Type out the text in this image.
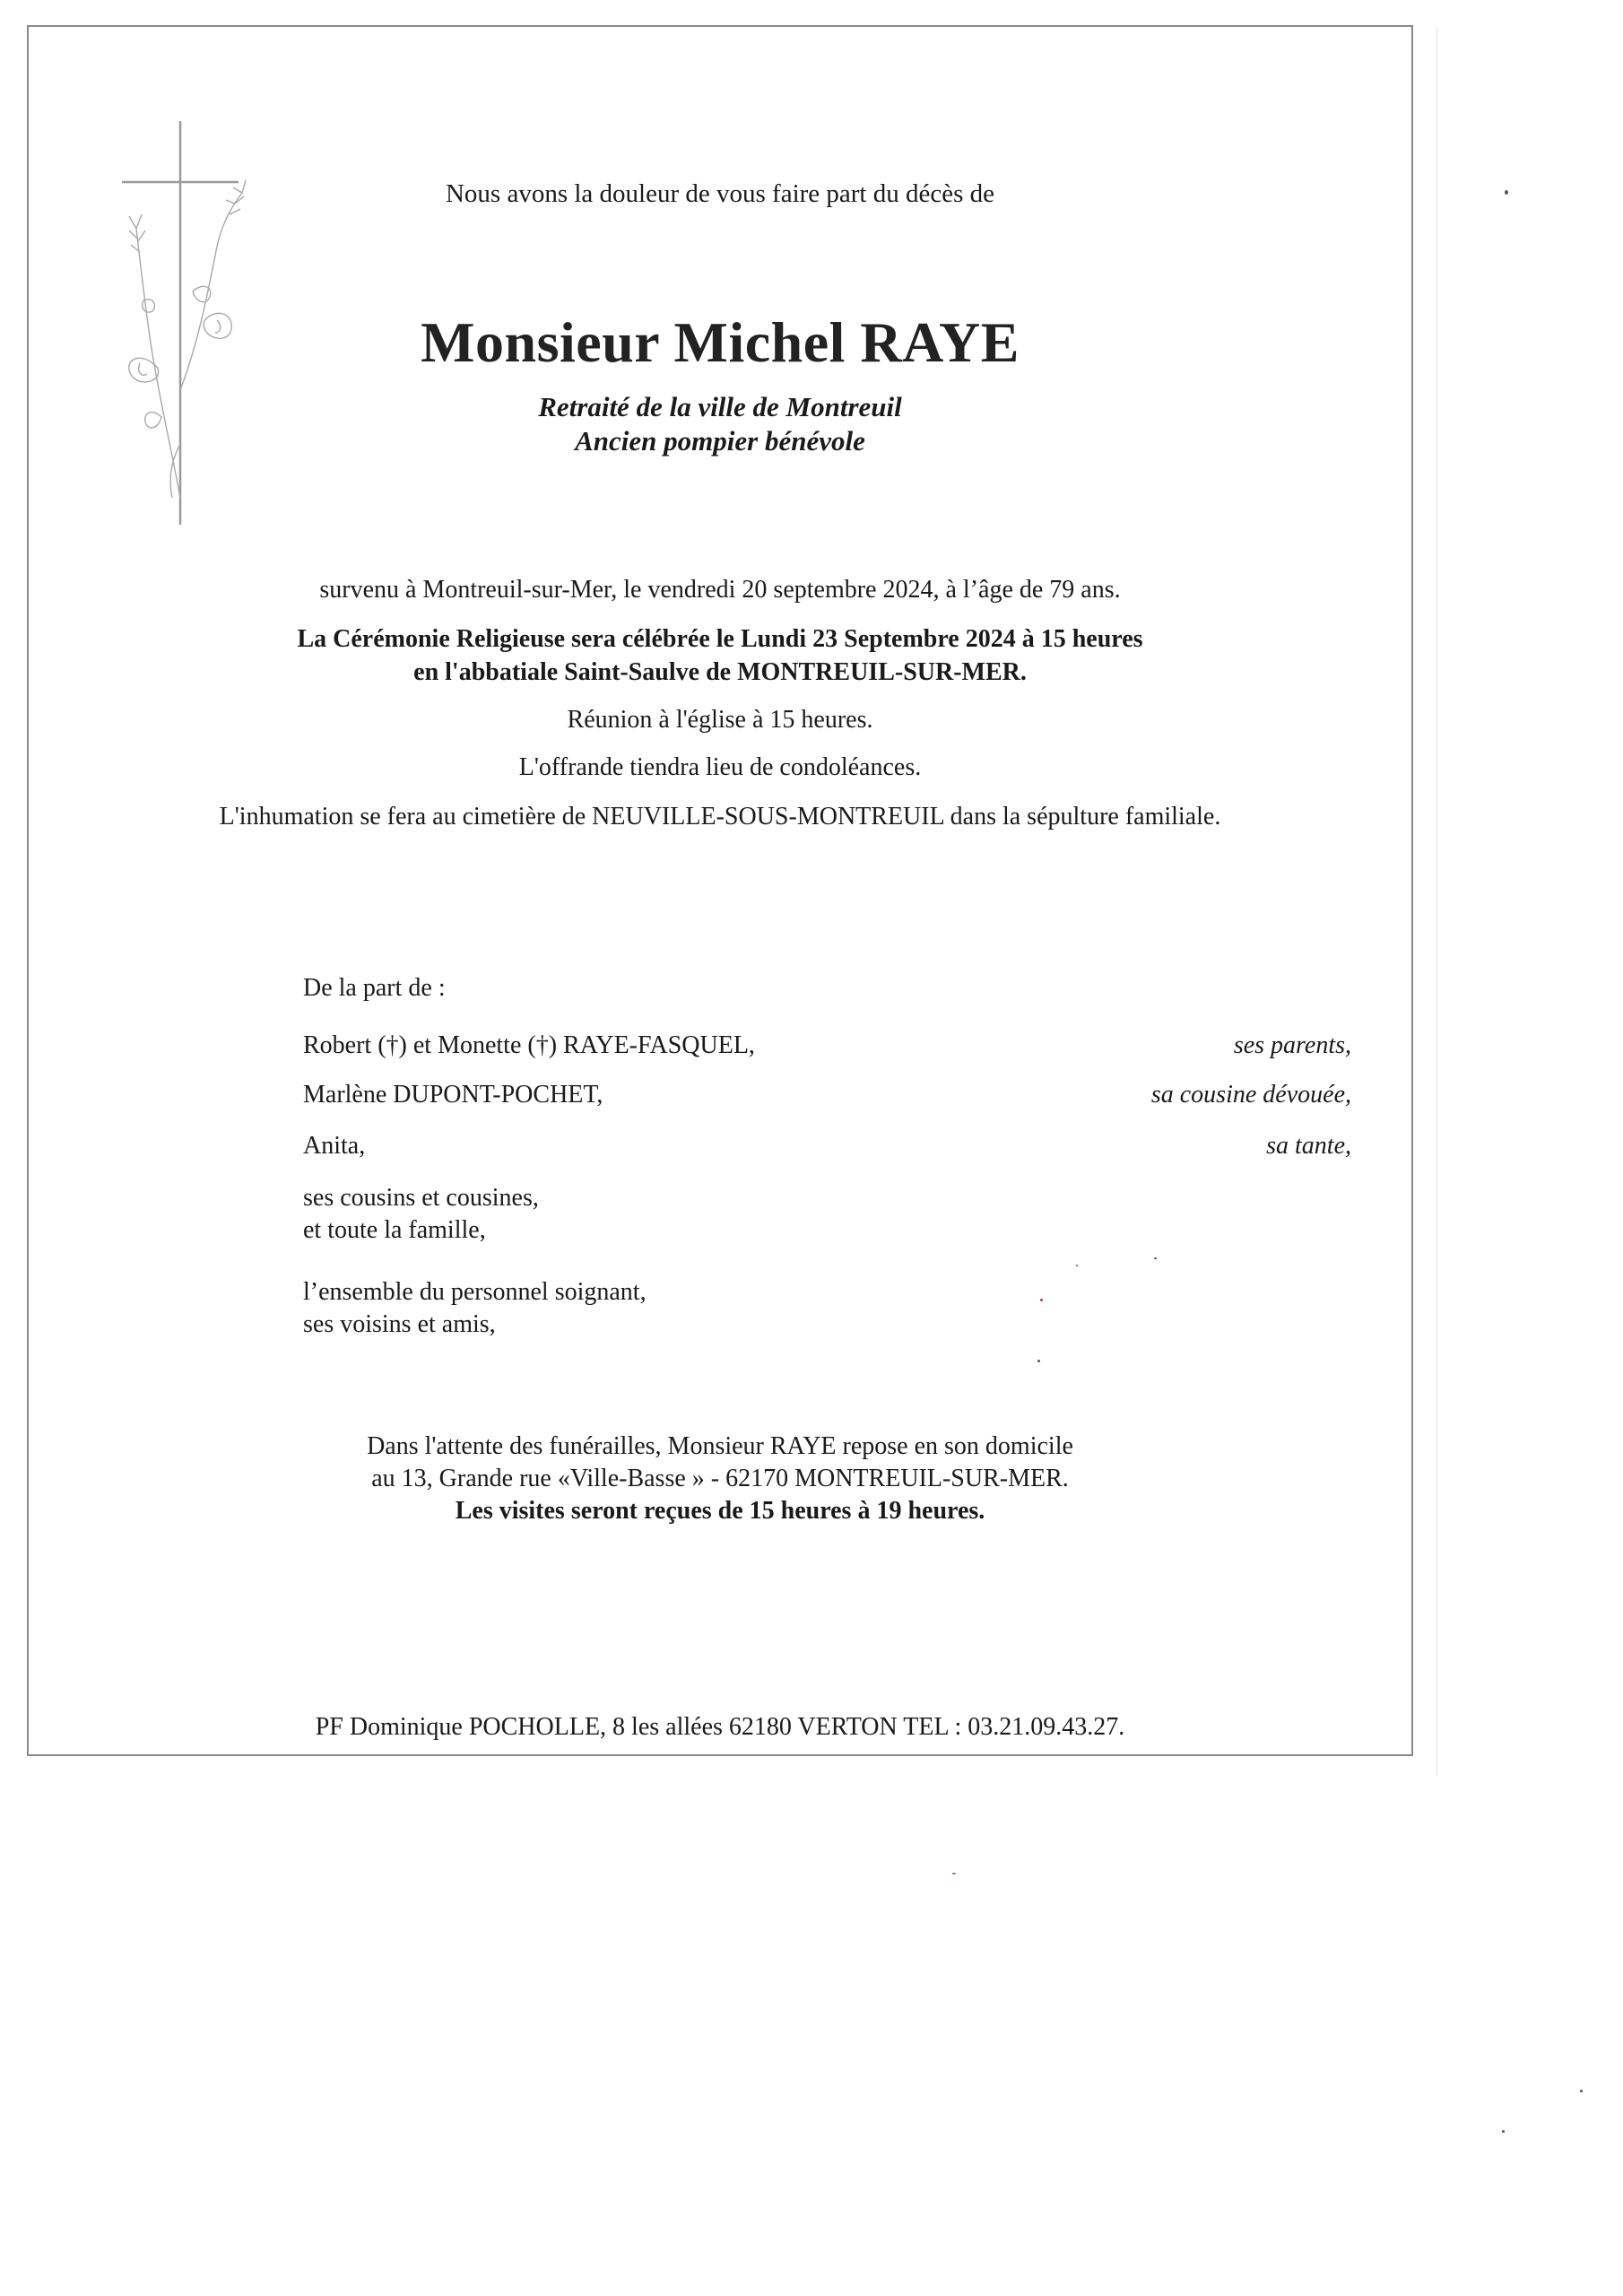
Nous avons la douleur de vous faire part du décès de
Monsieur Michel RAYE
Retraité de la ville de Montreuil
Ancien pompier bénévole
survenu à Montreuil-sur-Mer, le vendredi 20 septembre 2024, à l’âge de 79 ans.
La Cérémonie Religieuse sera célébrée le Lundi 23 Septembre 2024 à 15 heures
en l'abbatiale Saint-Saulve de MONTREUIL-SUR-MER.
Réunion à l'église à 15 heures.
L'offrande tiendra lieu de condoléances.
L'inhumation se fera au cimetière de NEUVILLE-SOUS-MONTREUIL dans la sépulture familiale.
De la part de :
Robert (†) et Monette (†) RAYE-FASQUEL,	ses parents,
Marlène DUPONT-POCHET,	sa cousine dévouée,
Anita,	sa tante,
ses cousins et cousines,
et toute la famille,
l’ensemble du personnel soignant,
ses voisins et amis,
Dans l'attente des funérailles, Monsieur RAYE repose en son domicile
au 13, Grande rue «Ville-Basse » - 62170 MONTREUIL-SUR-MER.
Les visites seront reçues de 15 heures à 19 heures.
PF Dominique POCHOLLE, 8 les allées 62180 VERTON TEL : 03.21.09.43.27.
